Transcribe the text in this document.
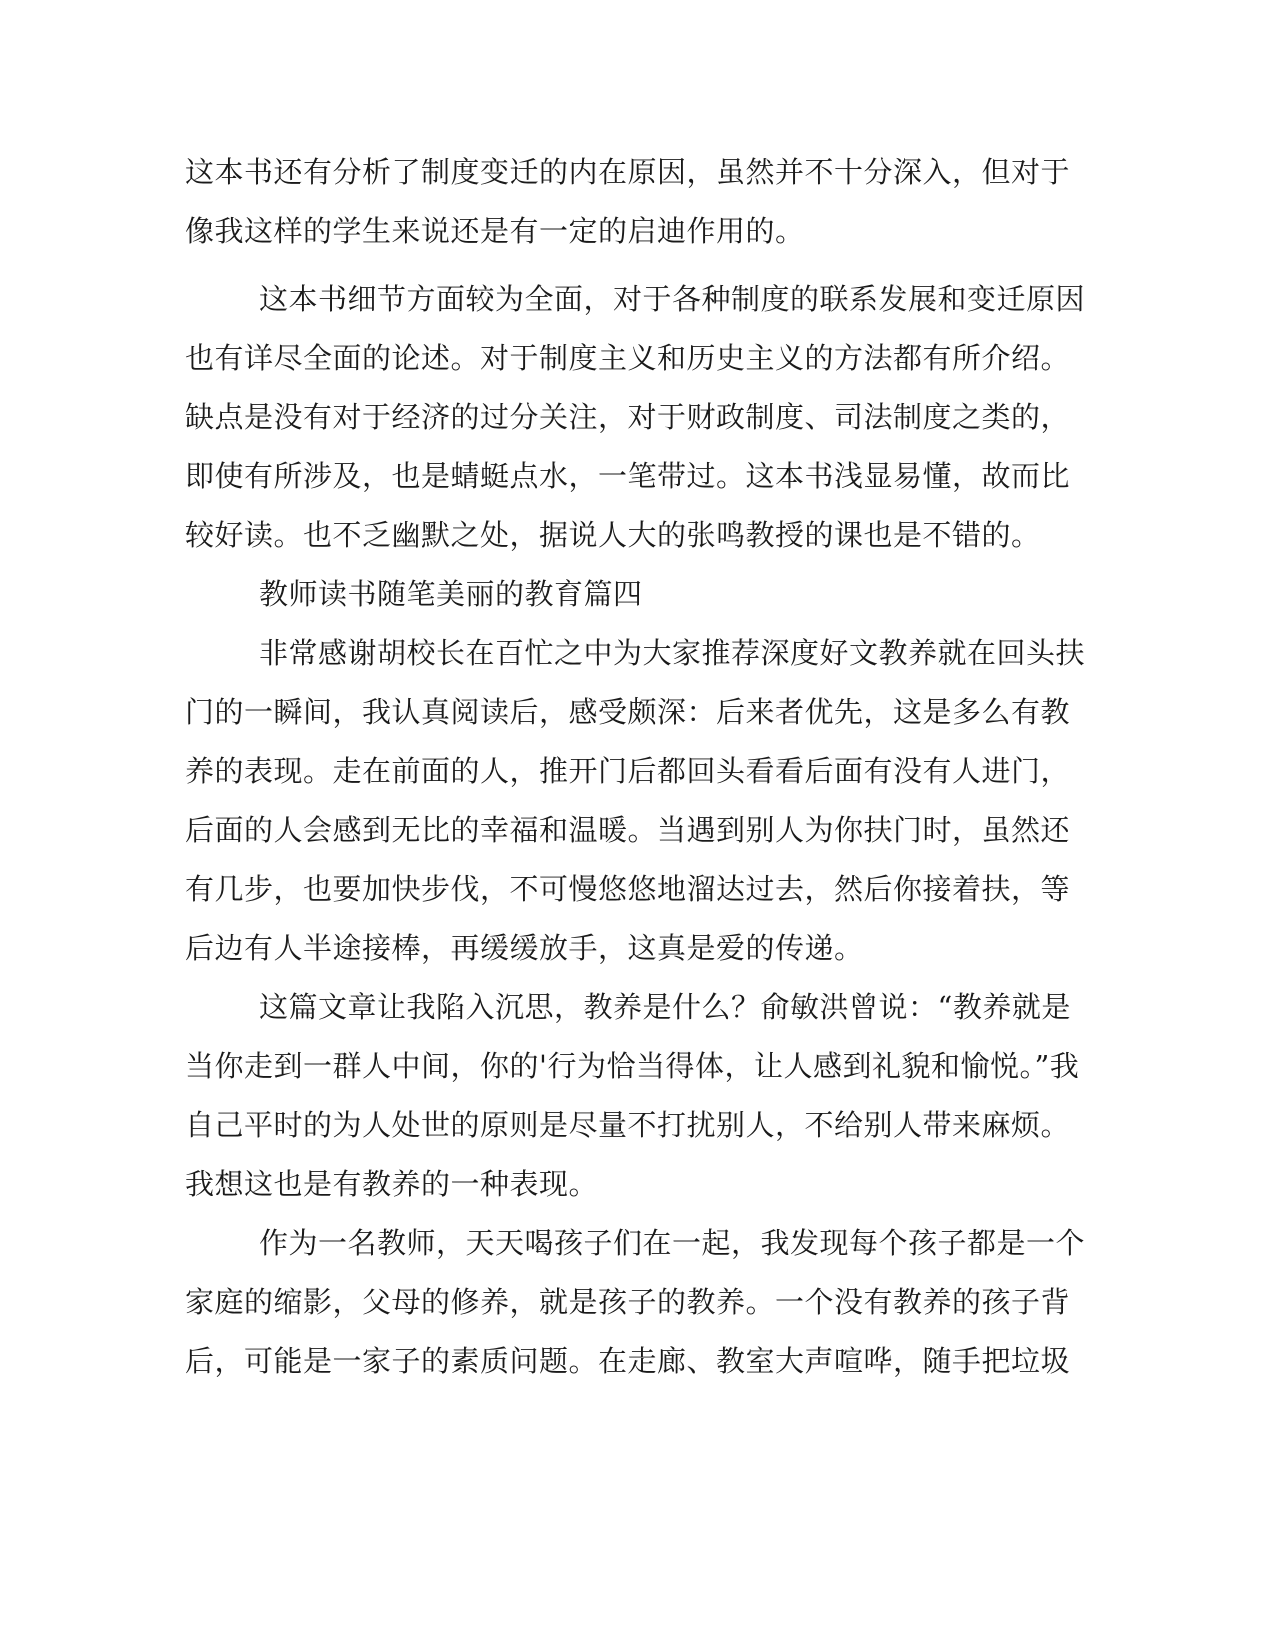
这本书还有分析了制度变迁的内在原因，虽然并不十分深入，但对于
像我这样的学生来说还是有一定的启迪作用的。
这本书细节方面较为全面，对于各种制度的联系发展和变迁原因
也有详尽全面的论述。对于制度主义和历史主义的方法都有所介绍。
缺点是没有对于经济的过分关注，对于财政制度、司法制度之类的，
即使有所涉及，也是蜻蜓点水，一笔带过。这本书浅显易懂，故而比
较好读。也不乏幽默之处，据说人大的张鸣教授的课也是不错的。
教师读书随笔美丽的教育篇四
非常感谢胡校长在百忙之中为大家推荐深度好文教养就在回头扶
门的一瞬间，我认真阅读后，感受颇深：后来者优先，这是多么有教
养的表现。走在前面的人，推开门后都回头看看后面有没有人进门，
后面的人会感到无比的幸福和温暖。当遇到别人为你扶门时，虽然还
有几步，也要加快步伐，不可慢悠悠地溜达过去，然后你接着扶，等
后边有人半途接棒，再缓缓放手，这真是爱的传递。
这篇文章让我陷入沉思，教养是什么？俞敏洪曾说：“教养就是
当你走到一群人中间，你的'行为恰当得体，让人感到礼貌和愉悦。”我
自己平时的为人处世的原则是尽量不打扰别人，不给别人带来麻烦。
我想这也是有教养的一种表现。
作为一名教师，天天喝孩子们在一起，我发现每个孩子都是一个
家庭的缩影，父母的修养，就是孩子的教养。一个没有教养的孩子背
后，可能是一家子的素质问题。在走廊、教室大声喧哗，随手把垃圾
